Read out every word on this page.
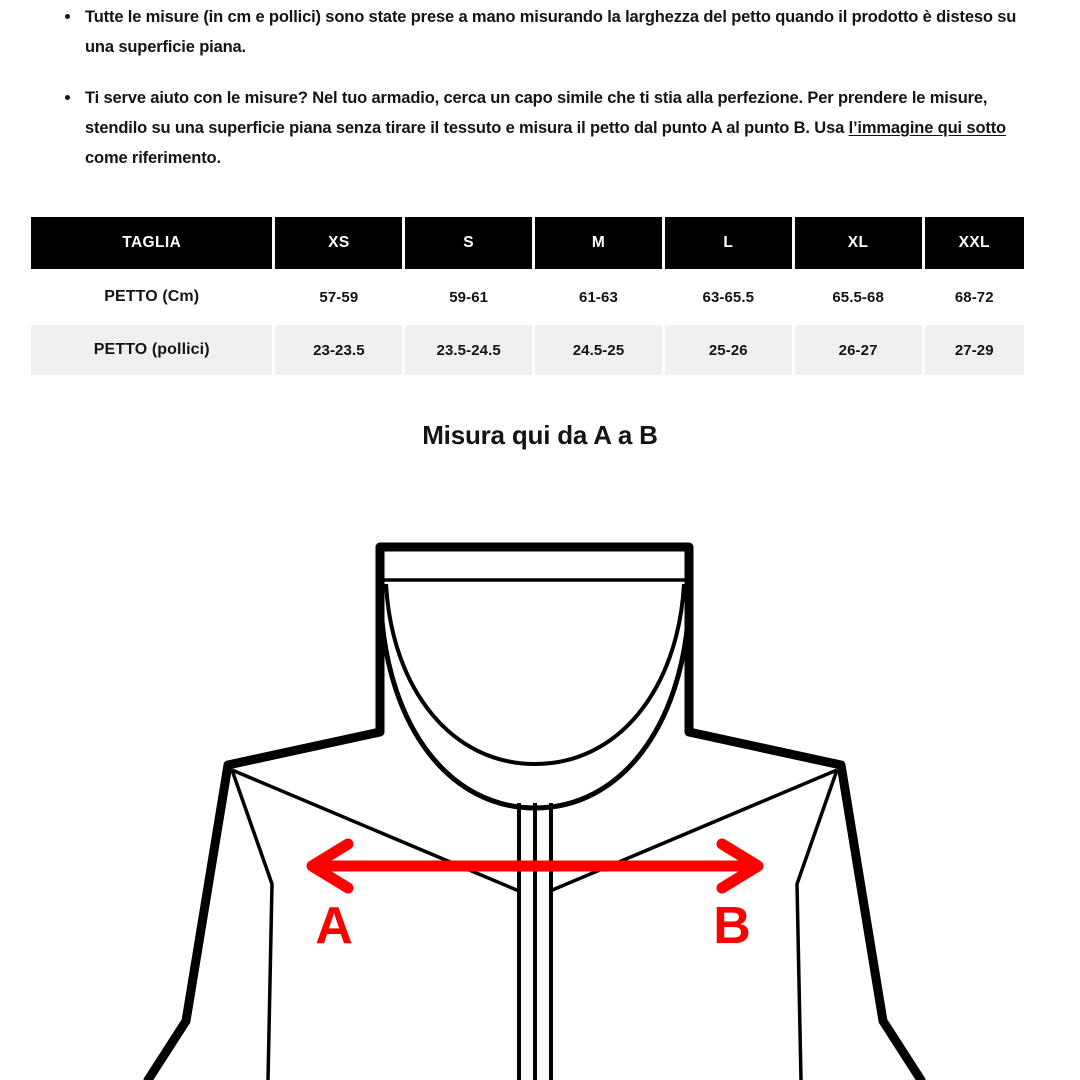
Tutte le misure (in cm e pollici) sono state prese a mano misurando la larghezza del petto quando il prodotto è disteso su una superficie piana.
Ti serve aiuto con le misure? Nel tuo armadio, cerca un capo simile che ti stia alla perfezione. Per prendere le misure, stendilo su una superficie piana senza tirare il tessuto e misura il petto dal punto A al punto B. Usa l’immagine qui sotto come riferimento.
TAGLIA	XS	S	M	L	XL	XXL
PETTO (Cm)	57-59	59-61	61-63	63-65.5	65.5-68	68-72
PETTO (pollici)	23-23.5	23.5-24.5	24.5-25	25-26	26-27	27-29
Misura qui da A a B
A	B
